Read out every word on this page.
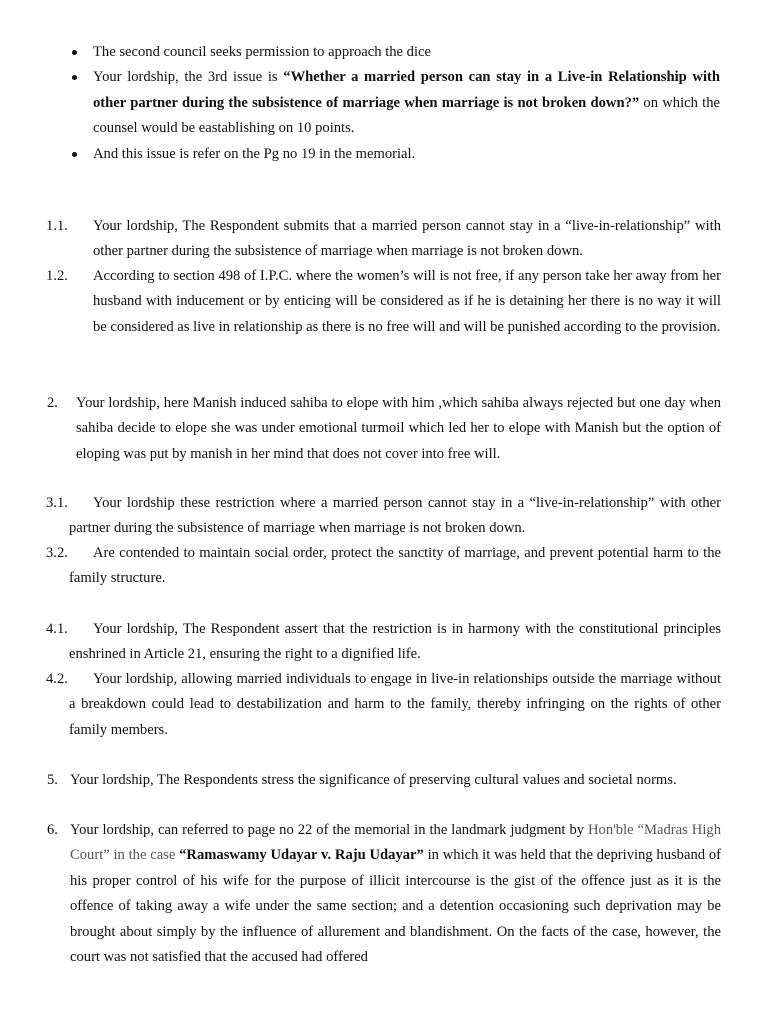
The second council seeks permission to approach the dice
Your lordship, the 3rd issue is “Whether a married person can stay in a Live-in Relationship with other partner during the subsistence of marriage when marriage is not broken down?” on which the counsel would be eastablishing on 10 points.
And this issue is refer on the Pg no 19 in the memorial.
1.1. Your lordship, The Respondent submits that a married person cannot stay in a “live-in-relationship” with other partner during the subsistence of marriage when marriage is not broken down.
1.2. According to section 498 of I.P.C. where the women’s will is not free, if any person take her away from her husband with inducement or by enticing will be considered as if he is detaining her there is no way it will be considered as live in relationship as there is no free will and will be punished according to the provision.
2. Your lordship, here Manish induced sahiba to elope with him ,which sahiba always rejected but one day when sahiba decide to elope she was under emotional turmoil which led her to elope with Manish but the option of eloping was put by manish in her mind that does not cover into free will.
3.1. Your lordship these restriction where a married person cannot stay in a “live-in-relationship” with other partner during the subsistence of marriage when marriage is not broken down.
3.2. Are contended to maintain social order, protect the sanctity of marriage, and prevent potential harm to the family structure.
4.1. Your lordship, The Respondent assert that the restriction is in harmony with the constitutional principles enshrined in Article 21, ensuring the right to a dignified life.
4.2. Your lordship, allowing married individuals to engage in live-in relationships outside the marriage without a breakdown could lead to destabilization and harm to the family, thereby infringing on the rights of other family members.
5. Your lordship, The Respondents stress the significance of preserving cultural values and societal norms.
6. Your lordship, can referred to page no 22 of the memorial in the landmark judgment by Hon'ble “Madras High Court” in the case “Ramaswamy Udayar v. Raju Udayar” in which it was held that the depriving husband of his proper control of his wife for the purpose of illicit intercourse is the gist of the offence just as it is the offence of taking away a wife under the same section; and a detention occasioning such deprivation may be brought about simply by the influence of allurement and blandishment. On the facts of the case, however, the court was not satisfied that the accused had offered
